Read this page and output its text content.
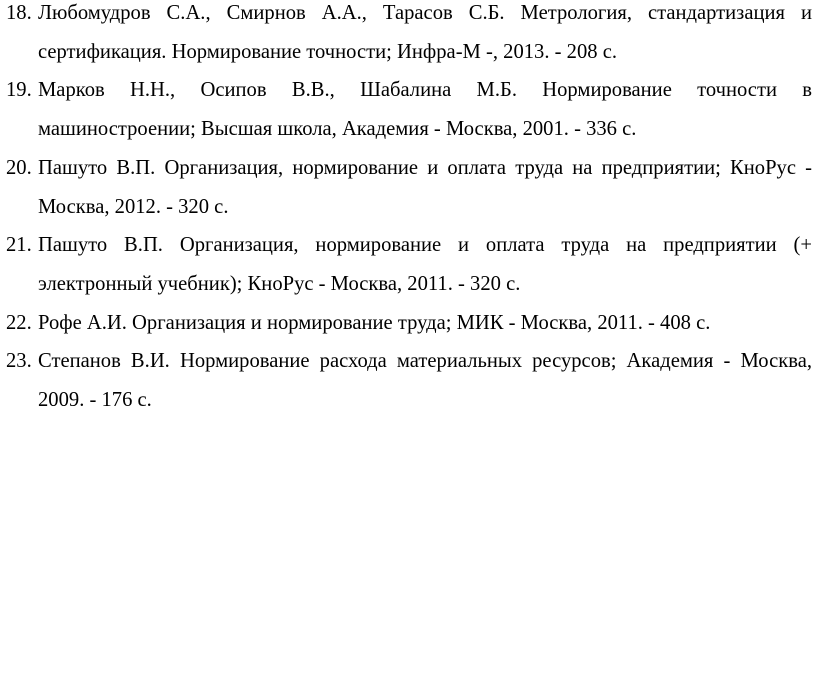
18. Любомудров С.А., Смирнов А.А., Тарасов С.Б. Метрология, стандартизация и сертификация. Нормирование точности; Инфра-М -, 2013. - 208 с.
19. Марков Н.Н., Осипов В.В., Шабалина М.Б. Нормирование точности в машиностроении; Высшая школа, Академия - Москва, 2001. - 336 с.
20. Пашуто В.П. Организация, нормирование и оплата труда на предприятии; КноРус - Москва, 2012. - 320 с.
21. Пашуто В.П. Организация, нормирование и оплата труда на предприятии (+ электронный учебник); КноРус - Москва, 2011. - 320 с.
22. Рофе А.И. Организация и нормирование труда; МИК - Москва, 2011. - 408 с.
23. Степанов В.И. Нормирование расхода материальных ресурсов; Академия - Москва, 2009. - 176 с.
